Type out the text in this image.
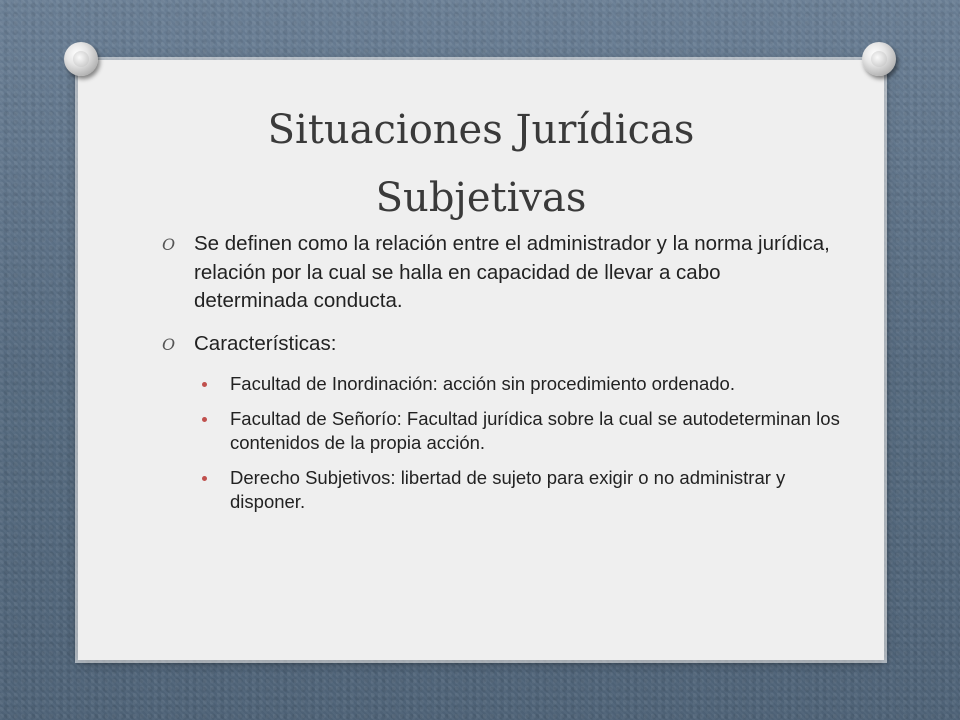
Situaciones Jurídicas
Subjetivas
O Se definen como la relación entre el administrador y la norma jurídica, relación por la cual se halla en capacidad de llevar a cabo determinada conducta.
O Características:
Facultad de Inordinación: acción sin procedimiento ordenado.
Facultad de Señorío: Facultad jurídica sobre la cual se autodeterminan los contenidos de la propia acción.
Derecho Subjetivos: libertad de sujeto para exigir o no administrar y disponer.
